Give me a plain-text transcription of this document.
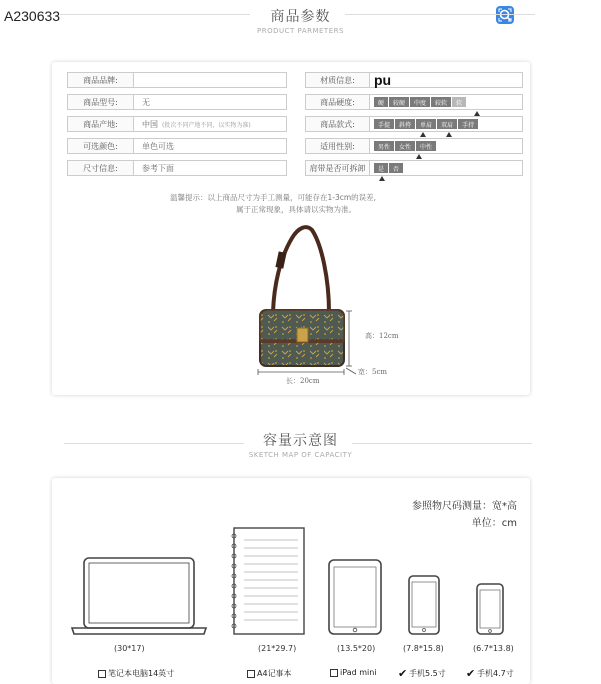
A230633	商品参数
PRODUCT PARMETERS
商品品牌:
商品型号:	无
商品产地:	中国 (批次不同产地不同，以实物为准)
可选颜色:	单色可选
尺寸信息:	参考下面
材质信息:	pu
商品硬度:	硬	较硬	中度	较软	软
商品款式:	手提	斜挎	单肩	双肩	手持
适用性别:	男性	女性	中性
肩带是否可拆卸	是	否
温馨提示：以上商品尺寸为手工测量，可能存在1-3cm的误差,
属于正常现象，具体请以实物为准。
高：12cm
长：20cm
宽：5cm
容量示意图
SKETCH MAP OF CAPACITY
参照物尺码测量：宽*高
单位：cm
(30*17)
笔记本电脑14英寸
(21*29.7)
A4记事本
(13.5*20)
iPad mini
(7.8*15.8)
✔ 手机5.5寸
(6.7*13.8)
✔ 手机4.7寸
